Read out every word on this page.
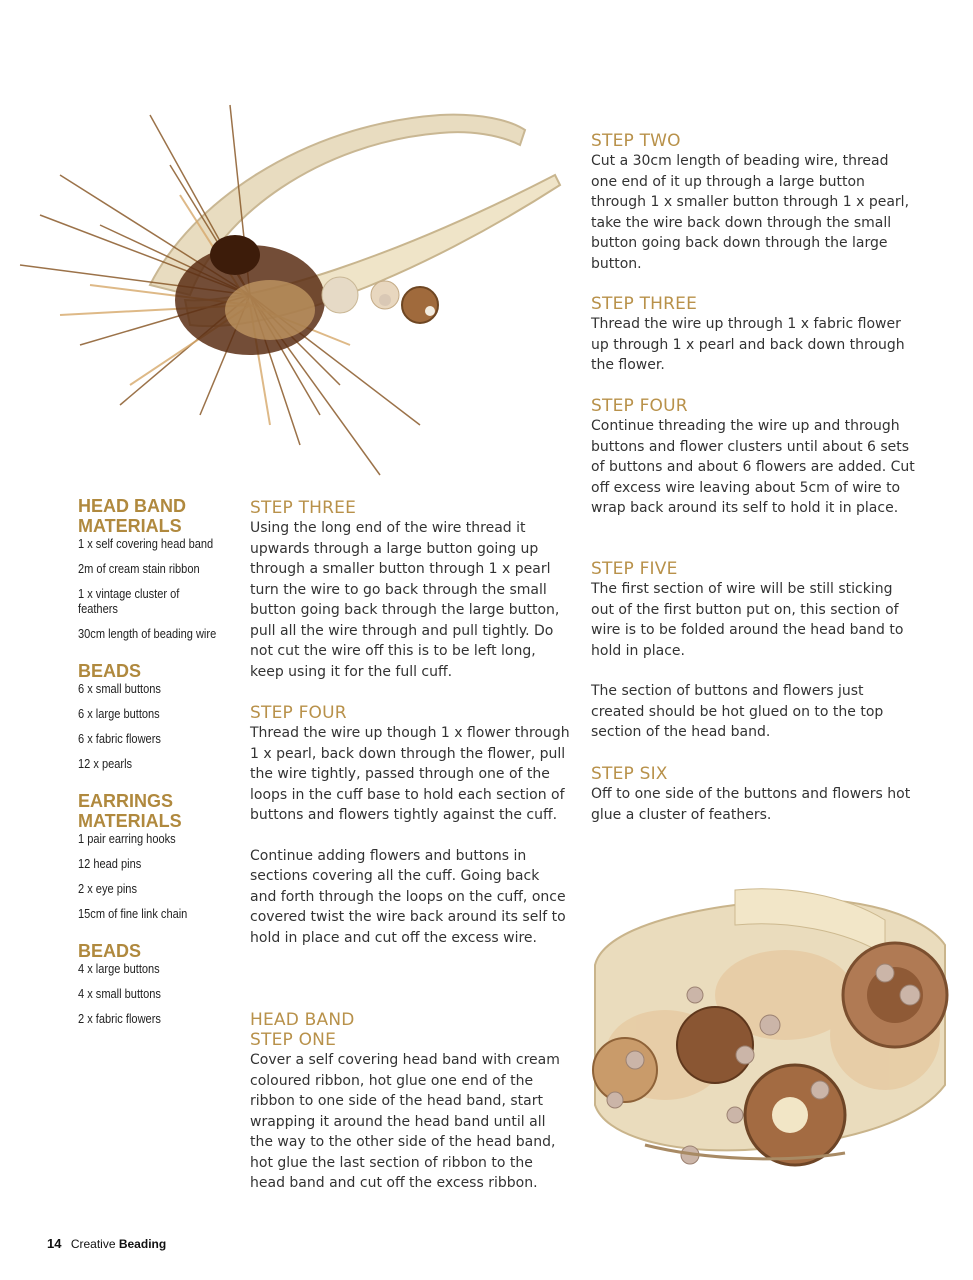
HEAD BAND
MATERIALS
1 x self covering head band
2m of cream stain ribbon
1 x vintage cluster of feathers
30cm length of beading wire
BEADS
6 x small buttons
6 x large buttons
6 x fabric flowers
12 x pearls
EARRINGS
MATERIALS
1 pair earring hooks
12 head pins
2 x eye pins
15cm of fine link chain
BEADS
4 x large buttons
4 x small buttons
2 x fabric flowers
STEP THREE

Using the long end of the wire thread it upwards through a large button going up through a smaller button through 1 x pearl turn the wire to go back through the small button going back through the large button, pull all the wire through and pull tightly. Do not cut the wire off this is to be left long, keep using it for the full cuff.

STEP FOUR

Thread the wire up though 1 x flower through 1 x pearl, back down through the flower, pull the wire tightly, passed through one of the loops in the cuff base to hold each section of buttons and flowers tightly against the cuff.

Continue adding flowers and buttons in sections covering all the cuff. Going back and forth through the loops on the cuff, once covered twist the wire back around its self to hold in place and cut off the excess wire.

HEAD BAND
STEP ONE

Cover a self covering head band with cream coloured ribbon, hot glue one end of the ribbon to one side of the head band, start wrapping it around the head band until all the way to the other side of the head band, hot glue the last section of ribbon to the head band and cut off the excess ribbon.

STEP TWO

Cut a 30cm length of beading wire, thread one end of it up through a large button through 1 x smaller button through 1 x pearl, take the wire back down through the small button going back down through the large button.

STEP THREE

Thread the wire up through 1 x fabric flower up through 1 x pearl and back down through the flower.

STEP FOUR

Continue threading the wire up and through buttons and flower clusters until about 6 sets of buttons and about 6 flowers are added. Cut off excess wire leaving about 5cm of wire to wrap back around its self to hold it in place.

STEP FIVE

The first section of wire will be still sticking out of the first button put on, this section of wire is to be folded around the head band to hold in place.

The section of buttons and flowers just created should be hot glued on to the top
section of the head band.

STEP SIX

Off to one side of the buttons and flowers hot glue a cluster of feathers.

14 Creative Beading
